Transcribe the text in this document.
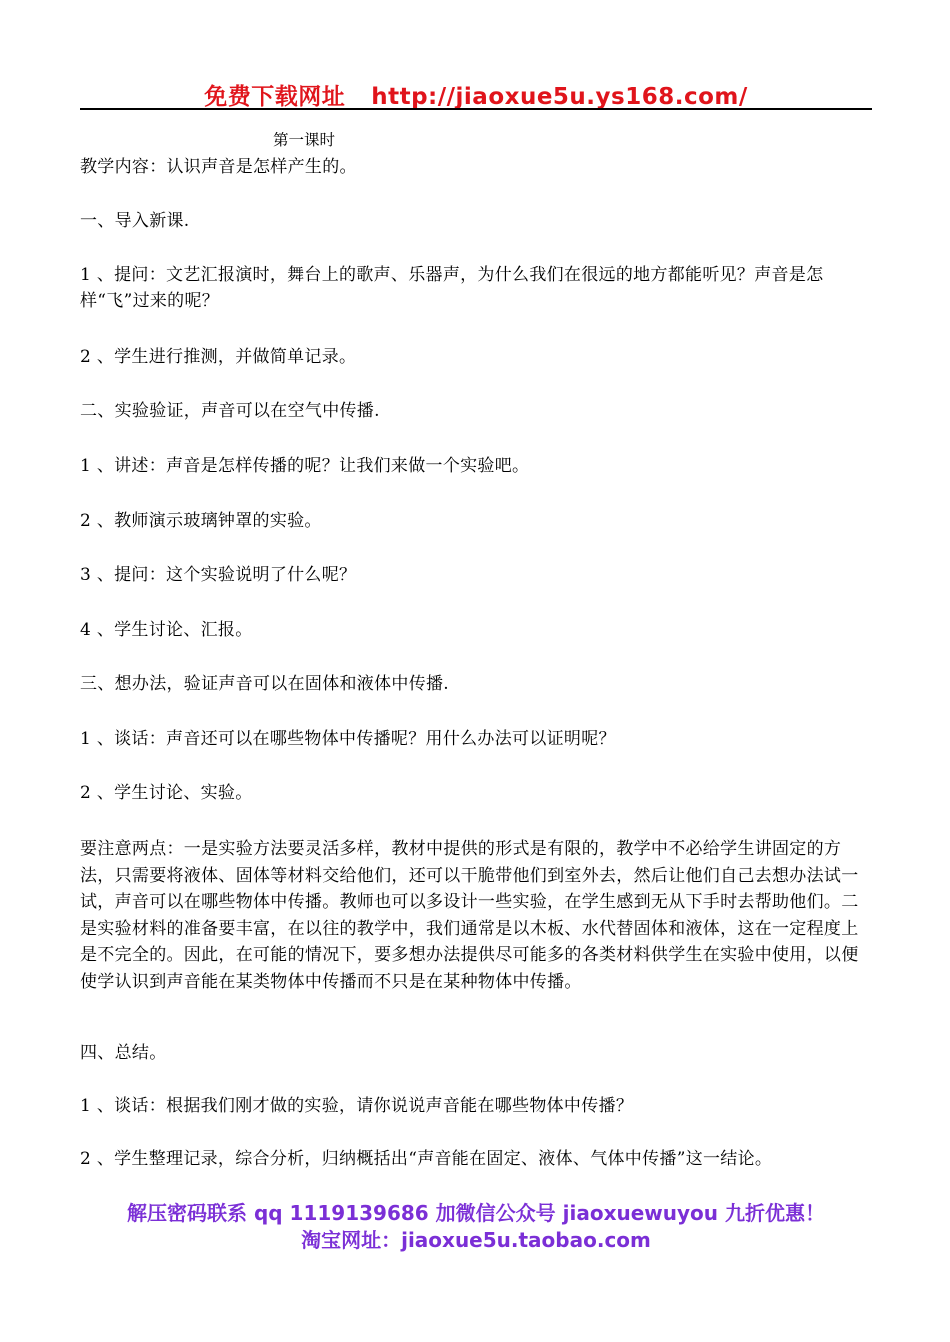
免费下载网址 http://jiaoxue5u.ys168.com/
第一课时
教学内容：认识声音是怎样产生的。
一、导入新课.
1 、提问：文艺汇报演时，舞台上的歌声、乐器声，为什么我们在很远的地方都能听见？声音是怎样“飞”过来的呢？
2 、学生进行推测，并做简单记录。
二、实验验证，声音可以在空气中传播.
1 、讲述：声音是怎样传播的呢？让我们来做一个实验吧。
2 、教师演示玻璃钟罩的实验。
3 、提问：这个实验说明了什么呢？
4 、学生讨论、汇报。
三、想办法，验证声音可以在固体和液体中传播.
1 、谈话：声音还可以在哪些物体中传播呢？用什么办法可以证明呢？
2 、学生讨论、实验。
要注意两点：一是实验方法要灵活多样，教材中提供的形式是有限的，教学中不必给学生讲固定的方法，只需要将液体、固体等材料交给他们，还可以干脆带他们到室外去，然后让他们自己去想办法试一试，声音可以在哪些物体中传播。教师也可以多设计一些实验，在学生感到无从下手时去帮助他们。二是实验材料的准备要丰富，在以往的教学中，我们通常是以木板、水代替固体和液体，这在一定程度上是不完全的。因此，在可能的情况下，要多想办法提供尽可能多的各类材料供学生在实验中使用，以便使学认识到声音能在某类物体中传播而不只是在某种物体中传播。
四、总结。
1 、谈话：根据我们刚才做的实验，请你说说声音能在哪些物体中传播？
2 、学生整理记录，综合分析，归纳概括出“声音能在固定、液体、气体中传播”这一结论。
解压密码联系 qq 1119139686 加微信公众号 jiaoxuewuyou 九折优惠！
淘宝网址：jiaoxue5u.taobao.com
